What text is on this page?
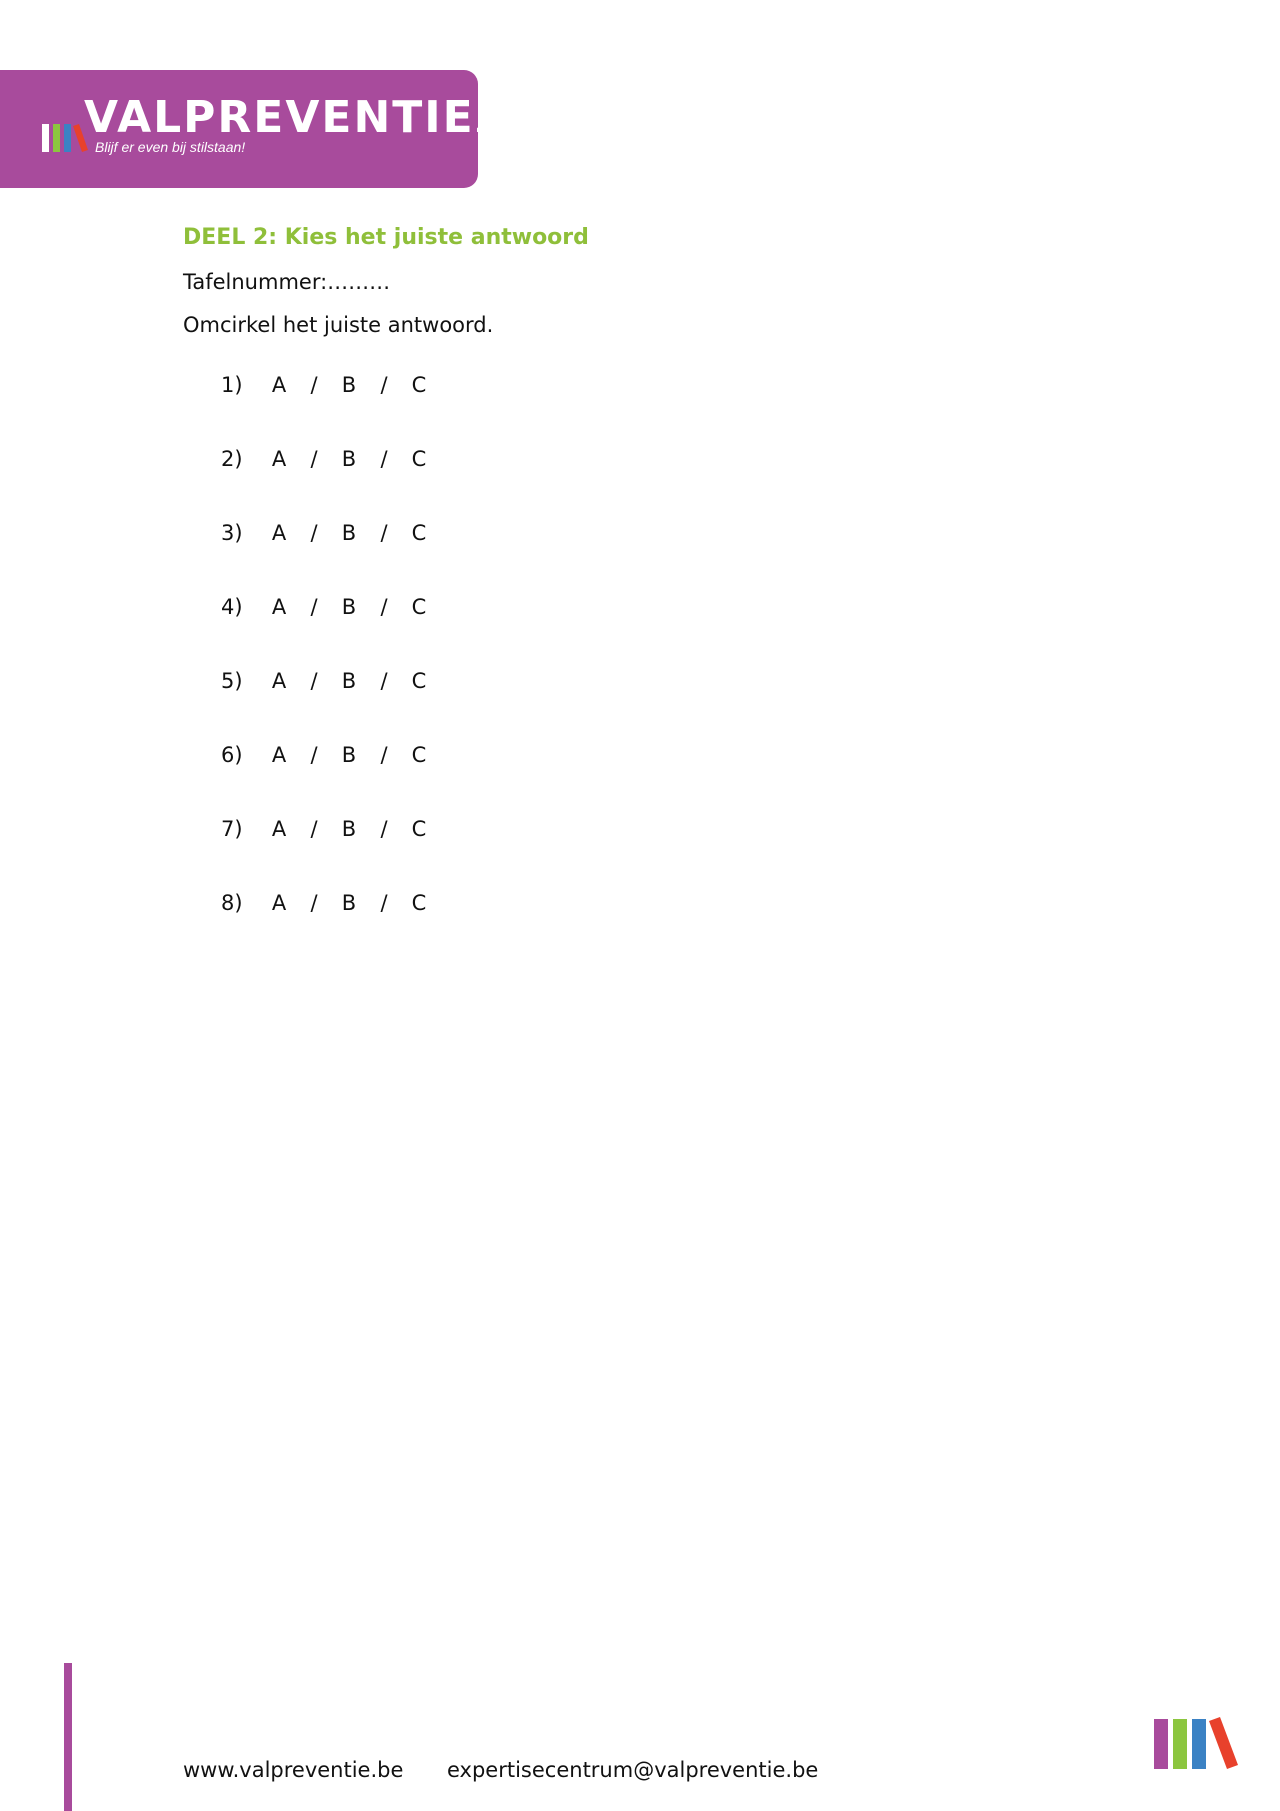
VALPREVENTIE.be
Blijf er even bij stilstaan!
DEEL 2: Kies het juiste antwoord
Tafelnummer:………
Omcirkel het juiste antwoord.
1)	A	/	B	/	C
2)	A	/	B	/	C
3)	A	/	B	/	C
4)	A	/	B	/	C
5)	A	/	B	/	C
6)	A	/	B	/	C
7)	A	/	B	/	C
8)	A	/	B	/	C
www.valpreventie.be expertisecentrum@valpreventie.be
